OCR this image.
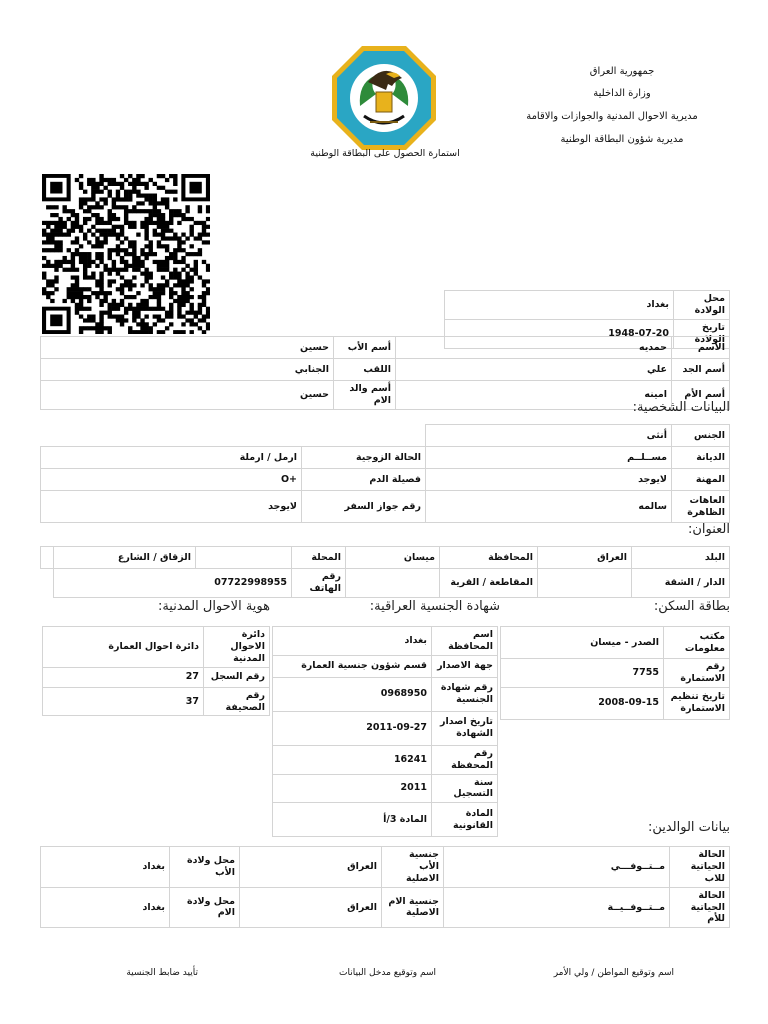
جمهورية العراق
وزارة الداخلية
مديرية الاحوال المدنية والجوازات والاقامة
مديرية شؤون البطاقة الوطنية
استمارة الحصول على البطاقة الوطنية
محل الولادة	بغداد
تاريخ الولادة	1948-07-20
الأسم	حمديه	أسم الأب	حسين
أسم الجد	علي	اللقب	الجنابي
أسم الأم	امينه	أسم والد الام	حسين
البيانات الشخصية:
الجنس	أنثى		
الديانة	مســلــم	الحالة الزوجية	ارمل / ارملة
المهنة	لايوجد	فصيلة الدم	+O
العاهات الظاهرة	سالمه	رقم جواز السفر	لايوجد
العنوان:
البلد	العراق	المحافظة	ميسان	المحلة		الزقاق / الشارع	
الدار / الشقة		المقاطعة / القرية		رقم الهاتف	07722998955		
بطاقة السكن:
شهادة الجنسية العراقية:
هوية الاحوال المدنية:
مكتب معلومات	الصدر - ميسان
رقم الاستمارة	7755
تاريخ تنظيم الاستمارة	2008-09-15
اسم المحافظة	بغداد
جهة الاصدار	قسم شؤون جنسية العمارة
رقم شهادة الجنسية	0968950
تاريخ اصدار الشهادة	2011-09-27
رقم المحفظة	16241
سنة التسجيل	2011
المادة القانونية	المادة 3/أ
دائرة الاحوال المدنية	دائرة احوال العمارة
رقم السجل	27
رقم الصحيفة	37
بيانات الوالدين:
الحالة الحياتية للاب	مــتــوفـــي	جنسية الأب الاصلية	العراق	محل ولادة الأب	بغداد
الحالة الحياتية للأم	مــتــوفــيــة	جنسية الام الاصلية	العراق	محل ولادة الام	بغداد
اسم وتوقيع المواطن / ولي الأمر
اسم وتوقيع مدخل البيانات
تأييد ضابط الجنسية
